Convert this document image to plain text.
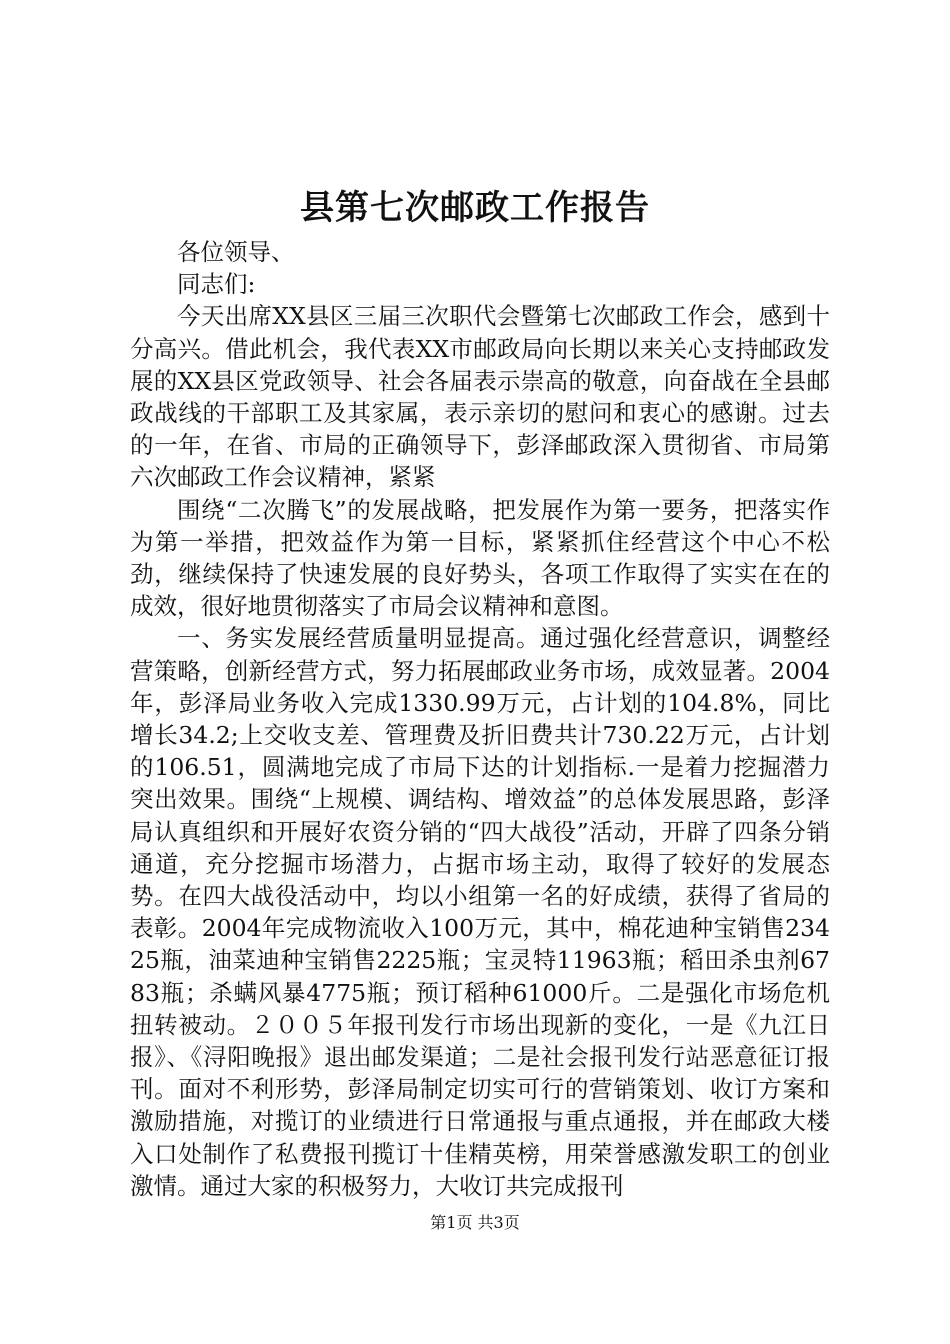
县第七次邮政工作报告

各位领导、

同志们:

今天出席XX县区三届三次职代会暨第七次邮政工作会，感到十分高兴。借此机会，我代表XX市邮政局向长期以来关心支持邮政发展的XX县区党政领导、社会各届表示崇高的敬意，向奋战在全县邮政战线的干部职工及其家属，表示亲切的慰问和衷心的感谢。过去的一年，在省、市局的正确领导下，彭泽邮政深入贯彻省、市局第六次邮政工作会议精神，紧紧

围绕“二次腾飞”的发展战略，把发展作为第一要务，把落实作为第一举措，把效益作为第一目标，紧紧抓住经营这个中心不松劲，继续保持了快速发展的良好势头，各项工作取得了实实在在的成效，很好地贯彻落实了市局会议精神和意图。

一、务实发展经营质量明显提高。通过强化经营意识，调整经营策略，创新经营方式，努力拓展邮政业务市场，成效显著。2004年，彭泽局业务收入完成1330.99万元，占计划的104.8%，同比增长34.2;上交收支差、管理费及折旧费共计730.22万元，占计划的106.51，圆满地完成了市局下达的计划指标.一是着力挖掘潜力突出效果。围绕“上规模、调结构、增效益”的总体发展思路，彭泽局认真组织和开展好农资分销的“四大战役”活动，开辟了四条分销通道，充分挖掘市场潜力，占据市场主动，取得了较好的发展态势。在四大战役活动中，均以小组第一名的好成绩，获得了省局的表彰。2004年完成物流收入100万元，其中，棉花迪种宝销售23425瓶，油菜迪种宝销售2225瓶；宝灵特11963瓶；稻田杀虫剂6783瓶；杀螨风暴4775瓶；预订稻种61000斤。二是强化市场危机扭转被动。２００５年报刊发行市场出现新的变化，一是《九江日报》、《浔阳晚报》退出邮发渠道；二是社会报刊发行站恶意征订报刊。面对不利形势，彭泽局制定切实可行的营销策划、收订方案和激励措施，对揽订的业绩进行日常通报与重点通报，并在邮政大楼入口处制作了私费报刊揽订十佳精英榜，用荣誉感激发职工的创业激情。通过大家的积极努力，大收订共完成报刊

第1页 共3页
